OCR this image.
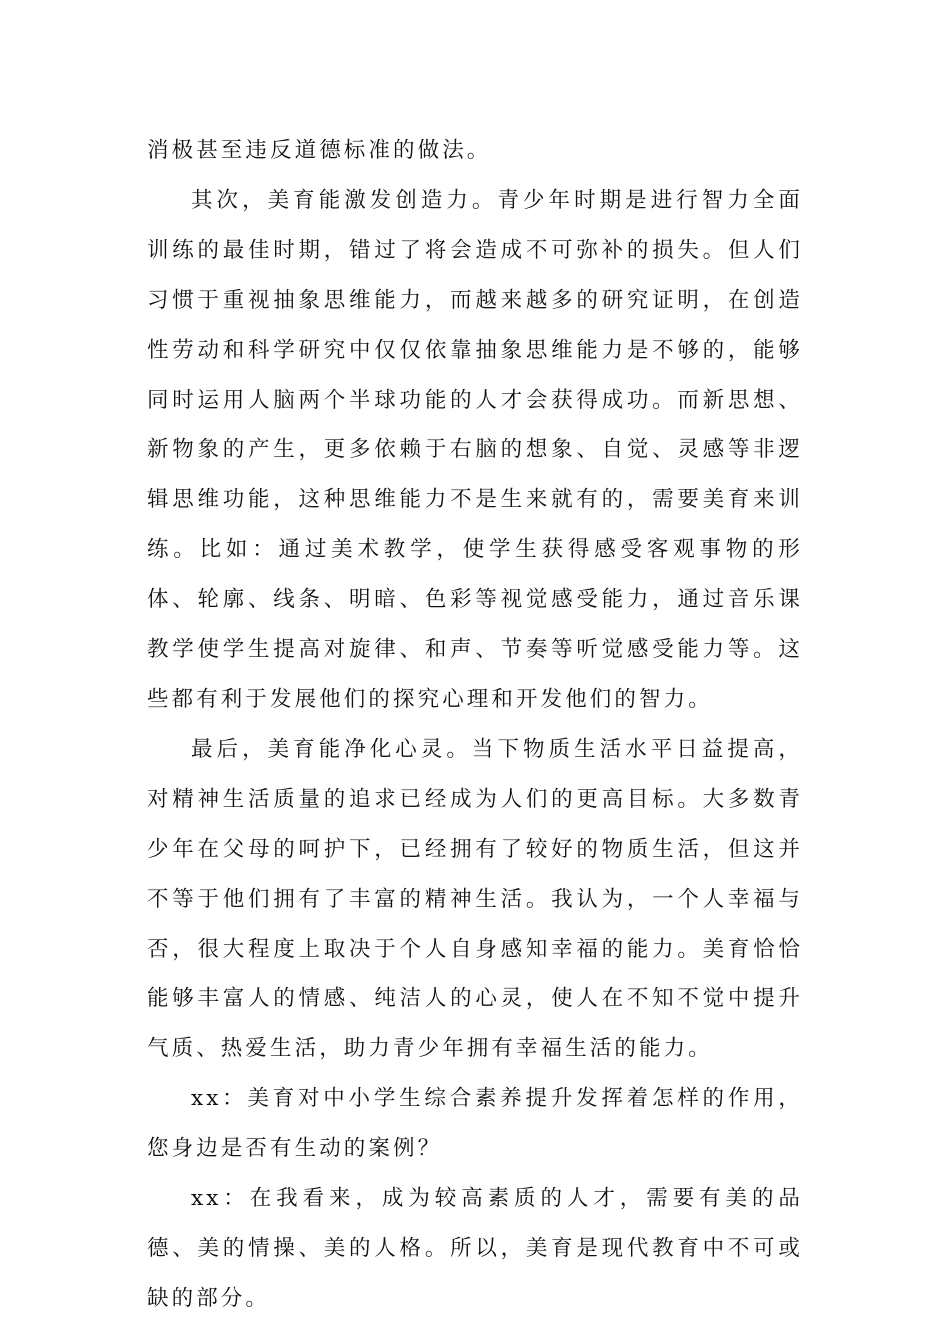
消极甚至违反道德标准的做法。

其次，美育能激发创造力。青少年时期是进行智力全面训练的最佳时期，错过了将会造成不可弥补的损失。但人们习惯于重视抽象思维能力，而越来越多的研究证明，在创造性劳动和科学研究中仅仅依靠抽象思维能力是不够的，能够同时运用人脑两个半球功能的人才会获得成功。而新思想、新物象的产生，更多依赖于右脑的想象、自觉、灵感等非逻辑思维功能，这种思维能力不是生来就有的，需要美育来训练。比如：通过美术教学，使学生获得感受客观事物的形体、轮廓、线条、明暗、色彩等视觉感受能力，通过音乐课教学使学生提高对旋律、和声、节奏等听觉感受能力等。这些都有利于发展他们的探究心理和开发他们的智力。

最后，美育能净化心灵。当下物质生活水平日益提高，对精神生活质量的追求已经成为人们的更高目标。大多数青少年在父母的呵护下，已经拥有了较好的物质生活，但这并不等于他们拥有了丰富的精神生活。我认为，一个人幸福与否，很大程度上取决于个人自身感知幸福的能力。美育恰恰能够丰富人的情感、纯洁人的心灵，使人在不知不觉中提升气质、热爱生活，助力青少年拥有幸福生活的能力。

xx：美育对中小学生综合素养提升发挥着怎样的作用，您身边是否有生动的案例？

xx：在我看来，成为较高素质的人才，需要有美的品德、美的情操、美的人格。所以，美育是现代教育中不可或缺的部分。
